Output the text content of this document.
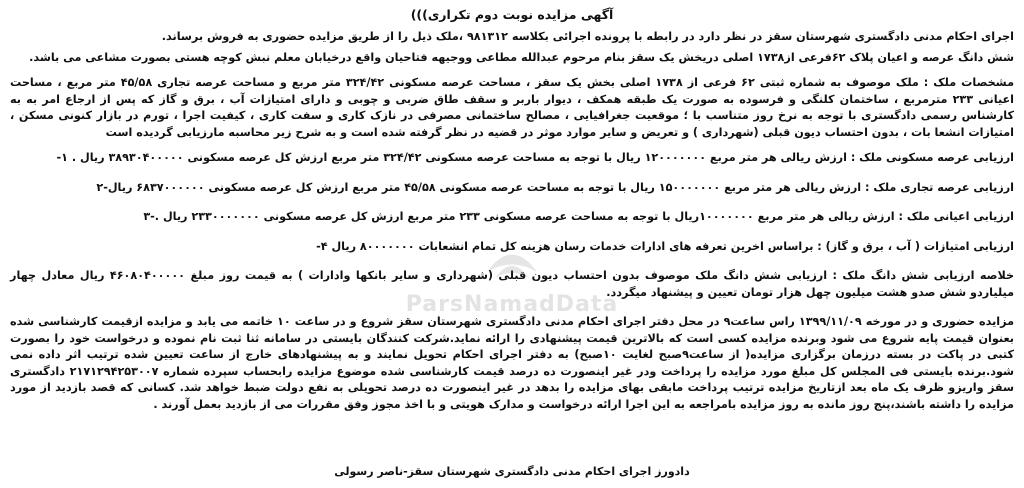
آگهی مزایده نوبت دوم تکراری)))

اجرای احکام مدنی دادگستری شهرستان سقز در نظر دارد در رابطه با پرونده اجرائی بکلاسه ۹۸۱۳۱۲ ،ملک ذیل را از طریق مزایده حضوری به فروش برساند.

شش دانگ عرصه و اعیان پلاک ۶۲فرعی از۱۷۳۸ اصلی دریخش یک سقز بنام مرحوم عبدالله مطاعی ووجیهه فتاحیان واقع درخیابان معلم نبش کوچه هستی بصورت مشاعی می باشد.

مشخصات ملک : ملک موصوف به شماره ثبتی ۶۲ فرعی از ۱۷۳۸ اصلی بخش یک سقز ، مساحت عرصه مسکونی ۳۲۴/۴۲ متر مربع و مساحت عرصه تجاری ۴۵/۵۸ متر مربع ، مساحت اعیانی ۲۳۳ مترمربع ، ساختمان کلنگی و فرسوده به صورت یک طبقه همکف ، دیوار باربر و سقف طاق ضربی و چوبی و دارای امتیازات آب ، برق و گاز که پس از ارجاع امر به به کارشناس رسمی دادگستری با توجه به نرخ روز متناسب با ؛ موقعیت جغرافیایی ، مصالح ساختمانی مصرفی در نازک کاری و سفت کاری ، کیفیت اجرا ، تورم در بازار کنونی مسکن ، امتیازات انشعا بات ، بدون احتساب دیون قبلی (شهرداری ) و تعریض و سایر موارد موثر در قضیه در نظر گرفته شده است و به شرح زیر محاسبه مارزیابی گردیده است

ارزیابی عرصه مسکونی ملک : ارزش ریالی هر متر مربع ۱۲۰۰۰۰۰۰۰ ریال با توجه به مساحت عرصه مسکونی ۳۲۴/۴۲ متر مربع ارزش کل عرصه مسکونی ۳۸۹۳۰۴۰۰۰۰۰ ریال . ۱-

ارزیابی عرصه تجاری ملک : ارزش ریالی هر متر مربع ۱۵۰۰۰۰۰۰۰ ریال با توجه به مساحت عرصه مسکونی ۴۵/۵۸ متر مربع ارزش کل عرصه مسکونی ۶۸۳۷۰۰۰۰۰۰ ریال-۲

ارزیابی اعیانی ملک : ارزش ریالی هر متر مربع ۱۰۰۰۰۰۰۰ریال با توجه به مساحت عرصه مسکونی ۲۳۳ متر مربع ارزش کل عرصه مسکونی ۲۳۳۰۰۰۰۰۰۰ ریال .-۳

ارزیابی امتیازات ( آب ، برق و گاز) : براساس اخرین تعرفه های ادارات خدمات رسان هزینه کل تمام انشعابات ۸۰۰۰۰۰۰۰ ریال ۴-

خلاصه ارزیابی شش دانگ ملک : ارزیابی شش دانگ ملک موصوف بدون احتساب دیون قبلی (شهرداری و سایر بانکها وادارات ) به قیمت روز مبلغ ۴۶۰۸۰۴۰۰۰۰۰ ریال معادل چهار میلیاردو شش صدو هشت میلیون چهل هزار تومان تعیین و پیشنهاد میگردد.

مزایده حضوری و در مورخه ۱۳۹۹/۱۱/۰۹ راس ساعت۹ در محل دفتر اجرای احکام مدنی دادگستری شهرستان سقز شروع و در ساعت ۱۰ خاتمه می یابد و مزایده ازقیمت کارشناسی شده بعنوان قیمت پایه شروع می شود وبرنده مزایده کسی است که بالاترین قیمت پیشنهادی را ارائه نماید.شرکت کنندگان بایستی در سامانه ثنا ثبت نام نموده و درخواست خود را بصورت کتبی در پاکت در بسته درزمان برگزاری مزایده( از ساعت۹صبح لغایت ۱۰صبح) به دفتر اجرای احکام تحویل نمایند و به پیشنهادهای خارج از ساعت تعیین شده ترتیب اثر داده نمی شود.برنده بایستی فی المجلس کل مبلغ مورد مزایده را پرداخت ودر غیر اینصورت ده درصد قیمت کارشناسی شده موضوع مزایده رابحساب سپرده شماره ۲۱۷۱۲۹۴۲۵۳۰۰۷ دادگستری سقز واریزو ظرف یک ماه بعد ازتاریخ مزایده ترتیب پرداخت مابقی بهای مزایده را بدهد در غیر اینصورت ده درصد تحویلی به نفع دولت ضبط خواهد شد. کسانی که قصد بازدید از مورد مزایده را داشته باشند،پنج روز مانده به روز مزایده بامراجعه به این اجرا ارائه درخواست و مدارک هویتی و با اخذ مجوز وفق مقررات می از بازدید بعمل آورند .

دادورز اجرای احکام مدنی دادگستری شهرستان سقز-ناصر رسولی
ParsNamadData
